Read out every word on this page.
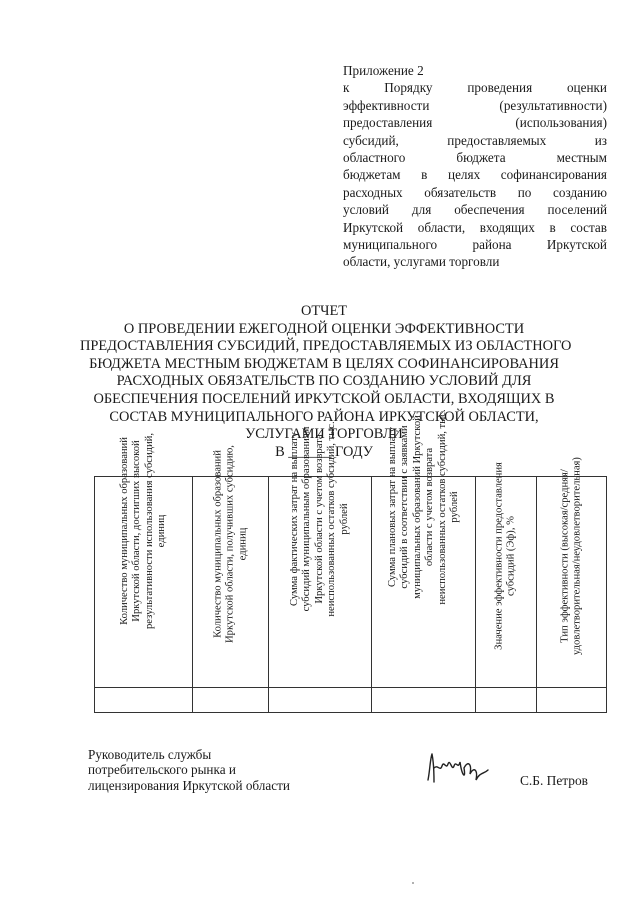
Приложение 2
к Порядку проведения оценки
эффективности (результативности)
предоставления (использования)
субсидий, предоставляемых из
областного бюджета местным
бюджетам в целях софинансирования
расходных обязательств по созданию
условий для обеспечения поселений
Иркутской области, входящих в состав
муниципального района Иркутской
области, услугами торговли
ОТЧЕТ
О ПРОВЕДЕНИИ ЕЖЕГОДНОЙ ОЦЕНКИ ЭФФЕКТИВНОСТИ
ПРЕДОСТАВЛЕНИЯ СУБСИДИЙ, ПРЕДОСТАВЛЯЕМЫХ ИЗ ОБЛАСТНОГО
БЮДЖЕТА МЕСТНЫМ БЮДЖЕТАМ В ЦЕЛЯХ СОФИНАНСИРОВАНИЯ
РАСХОДНЫХ ОБЯЗАТЕЛЬСТВ ПО СОЗДАНИЮ УСЛОВИЙ ДЛЯ
ОБЕСПЕЧЕНИЯ ПОСЕЛЕНИЙ ИРКУТСКОЙ ОБЛАСТИ, ВХОДЯЩИХ В
СОСТАВ МУНИЦИПАЛЬНОГО РАЙОНА ИРКУТСКОЙ ОБЛАСТИ,
УСЛУГАМИ ТОРГОВЛИ
В ______ ГОДУ
Количество муниципальных образований Иркутской области, достигших высокой результативности использования субсидий, единиц	Количество муниципальных образований Иркутской области, получивших субсидию, единиц	Сумма фактических затрат на выплату субсидий муниципальным образованиям Иркутской области с учетом возврата неиспользованных остатков субсидий, тыс. рублей	Сумма плановых затрат на выплату субсидий в соответствии с заявками муниципальных образований Иркутской области с учетом возврата неиспользованных остатков субсидий, тыс. рублей	Значение эффективности предоставления субсидий (Эф), %	Тип эффективности (высокая/средняя/удовлетворительная/неудовлетворительная)

Руководитель службы
потребительского рынка и
лицензирования Иркутской области	С.Б. Петров
